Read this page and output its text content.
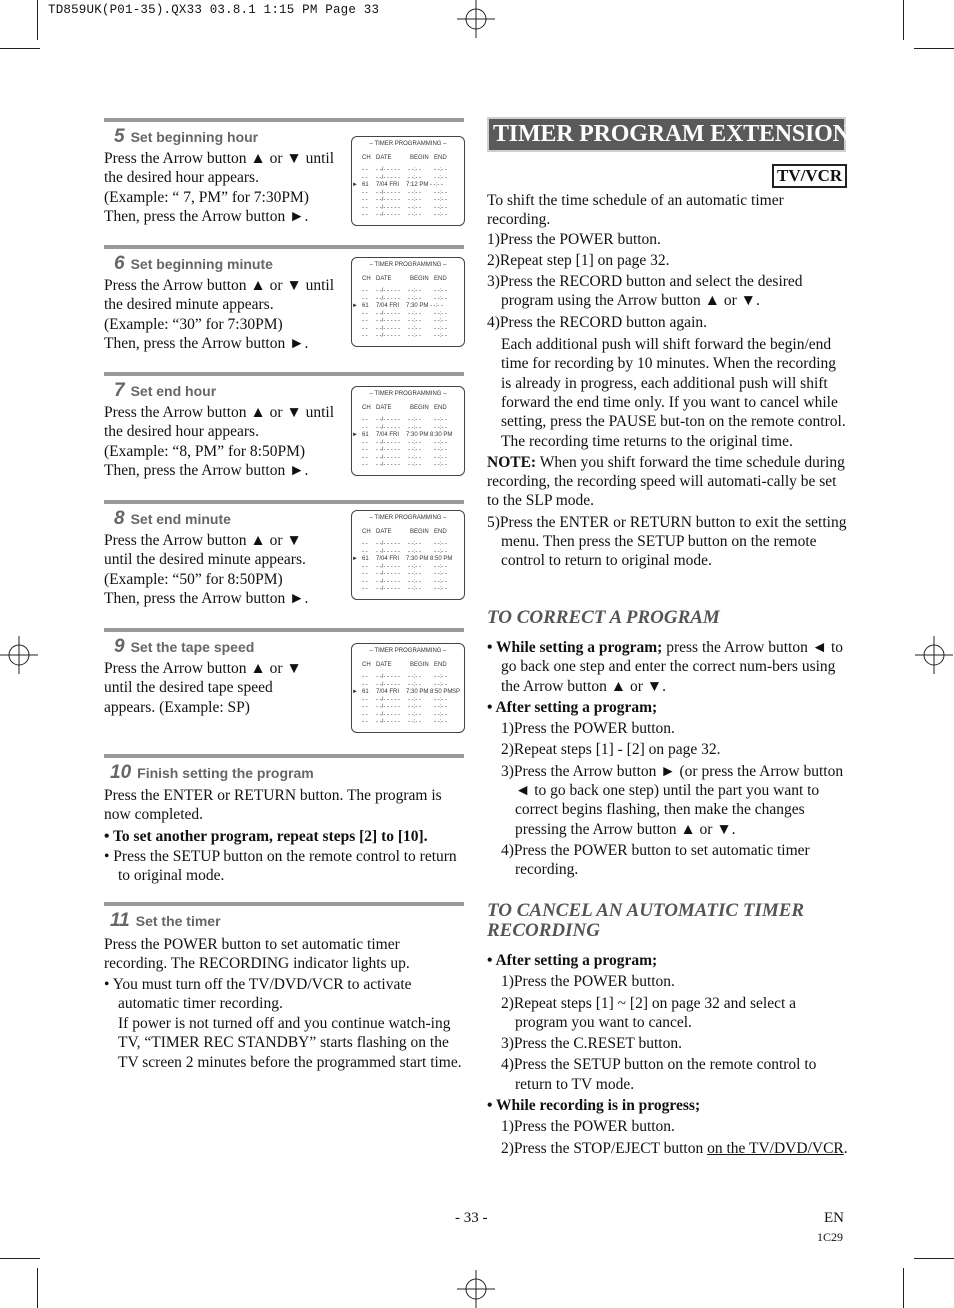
TD859UK(P01-35).QX33 03.8.1 1:15 PM Page 33
5 Set beginning hour
Press the Arrow button ▲ or ▼ until
the desired hour appears.
(Example: “ 7, PM” for 7:30PM)
Then, press the Arrow button ►.
– TIMER PROGRAMMING –
CH DATE	BEGIN END
- - - -/- - - - - - -:- - - -:- -
- - - -/- - - - - - -:- - - -:- -
► 61 7/04 FRI 7:12 PM - -:- -
- - - -/- - - - - - -:- - - -:- -
- - - -/- - - - - - -:- - - -:- -
- - - -/- - - - - - -:- - - -:- -
- - - -/- - - - - - -:- - - -:- -
6 Set beginning minute
Press the Arrow button ▲ or ▼ until
the desired minute appears.
(Example: “30” for 7:30PM)
Then, press the Arrow button ►.
– TIMER PROGRAMMING –
CH DATE	BEGIN END
- - - -/- - - - - - -:- - - -:- -
- - - -/- - - - - - -:- - - -:- -
► 61 7/04 FRI 7:30 PM - -:- -
- - - -/- - - - - - -:- - - -:- -
- - - -/- - - - - - -:- - - -:- -
- - - -/- - - - - - -:- - - -:- -
- - - -/- - - - - - -:- - - -:- -
7 Set end hour
Press the Arrow button ▲ or ▼ until
the desired hour appears.
(Example: “8, PM” for 8:50PM)
Then, press the Arrow button ►.
– TIMER PROGRAMMING –
CH DATE	BEGIN END
- - - -/- - - - - - -:- - - -:- -
- - - -/- - - - - - -:- - - -:- -
► 61 7/04 FRI 7:30 PM 8:30 PM
- - - -/- - - - - - -:- - - -:- -
- - - -/- - - - - - -:- - - -:- -
- - - -/- - - - - - -:- - - -:- -
- - - -/- - - - - - -:- - - -:- -
8 Set end minute
Press the Arrow button ▲ or ▼
until the desired minute appears.
(Example: “50” for 8:50PM)
Then, press the Arrow button ►.
– TIMER PROGRAMMING –
CH DATE	BEGIN END
- - - -/- - - - - - -:- - - -:- -
- - - -/- - - - - - -:- - - -:- -
► 61 7/04 FRI 7:30 PM 8:50 PM
- - - -/- - - - - - -:- - - -:- -
- - - -/- - - - - - -:- - - -:- -
- - - -/- - - - - - -:- - - -:- -
- - - -/- - - - - - -:- - - -:- -
9 Set the tape speed
Press the Arrow button ▲ or ▼
until the desired tape speed
appears. (Example: SP)
– TIMER PROGRAMMING –
CH DATE	BEGIN END
- - - -/- - - - - - -:- - - -:- -
- - - -/- - - - - - -:- - - -:- -
► 61 7/04 FRI 7:30 PM 8:50 PM SP
- - - -/- - - - - - -:- - - -:- -
- - - -/- - - - - - -:- - - -:- -
- - - -/- - - - - - -:- - - -:- -
- - - -/- - - - - - -:- - - -:- -
10 Finish setting the program

Press the ENTER or RETURN button. The program is now completed.

• To set another program, repeat steps [2] to [10].

• Press the SETUP button on the remote control to return to original mode.

11 Set the timer

Press the POWER button to set automatic timer recording. The RECORDING indicator lights up.

• You must turn off the TV/DVD/VCR to activate automatic timer recording.

If power is not turned off and you continue watch-ing TV, “TIMER REC STANDBY” starts flashing on the TV screen 2 minutes before the programmed start time.

TIMER PROGRAM EXTENSION
TV/VCR

To shift the time schedule of an automatic timer recording.

1)Press the POWER button.

2)Repeat step [1] on page 32.

3)Press the RECORD button and select the desired program using the Arrow button ▲ or ▼.

4)Press the RECORD button again.

Each additional push will shift forward the begin/end time for recording by 10 minutes. When the recording is already in progress, each additional push will shift forward the end time only. If you want to cancel while setting, press the PAUSE but-ton on the remote control. The recording time returns to the original time.

NOTE: When you shift forward the time schedule during recording, the recording speed will automati-cally be set to the SLP mode.

5)Press the ENTER or RETURN button to exit the setting menu. Then press the SETUP button on the remote control to return to original mode.

TO CORRECT A PROGRAM

• While setting a program; press the Arrow button ◄ to go back one step and enter the correct num-bers using the Arrow button ▲ or ▼.

• After setting a program;

1)Press the POWER button.

2)Repeat steps [1] - [2] on page 32.

3)Press the Arrow button ► (or press the Arrow button ◄ to go back one step) until the part you want to correct begins flashing, then make the changes pressing the Arrow button ▲ or ▼.

4)Press the POWER button to set automatic timer recording.

TO CANCEL AN AUTOMATIC TIMER RECORDING

• After setting a program;

1)Press the POWER button.

2)Repeat steps [1] ~ [2] on page 32 and select a program you want to cancel.

3)Press the C.RESET button.

4)Press the SETUP button on the remote control to return to TV mode.

• While recording is in progress;

1)Press the POWER button.

2)Press the STOP/EJECT button on the TV/DVD/VCR.

- 33 -	EN
1C29
